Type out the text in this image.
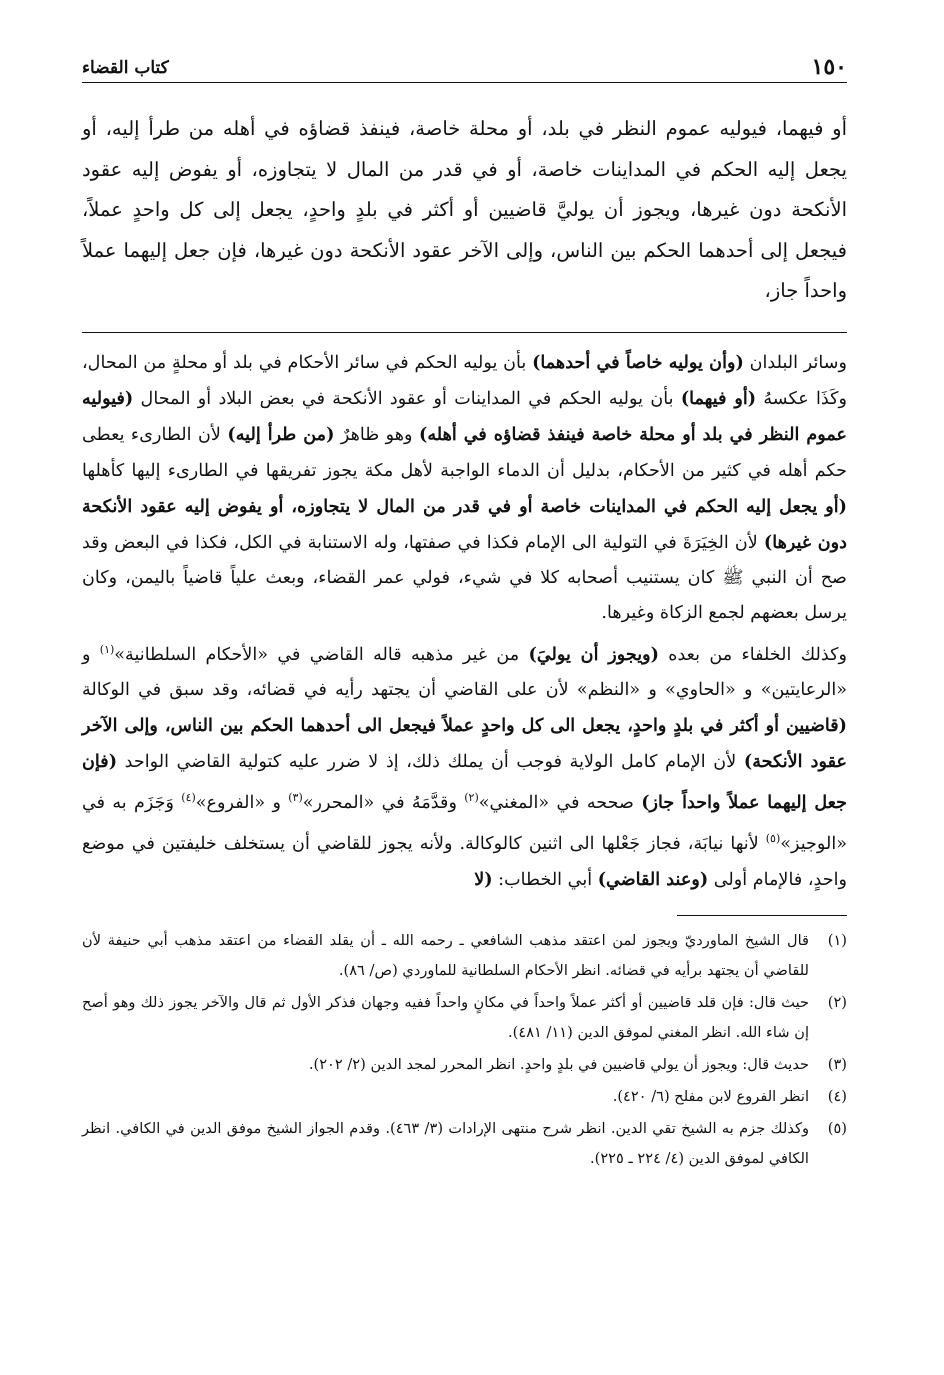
١٥٠
كتاب القضاء
أو فيهما، فيوليه عموم النظر في بلد، أو محلة خاصة، فينفذ قضاؤه في أهله من طرأ إليه، أو يجعل إليه الحكم في المداينات خاصة، أو في قدر من المال لا يتجاوزه، أو يفوض إليه عقود الأنكحة دون غيرها، ويجوز أن يوليَّ قاضيين أو أكثر في بلدٍ واحدٍ، يجعل إلى كل واحدٍ عملاً، فيجعل إلى أحدهما الحكم بين الناس، وإلى الآخر عقود الأنكحة دون غيرها، فإن جعل إليهما عملاً واحداً جاز،
وسائر البلدان (وأن يوليه خاصاً في أحدهما) بأن يوليه الحكم في سائر الأحكام في بلد أو محلةٍ من المحال، وكَذَا عكسهُ (أو فيهما) بأن يوليه الحكم في المداينات أو عقود الأنكحة في بعض البلاد أو المحال (فيوليه عموم النظر في بلد أو محلة خاصة فينفذ قضاؤه في أهله) وهو ظاهرٌ (من طرأ إليه) لأن الطارىء يعطى حكم أهله في كثير من الأحكام، بدليل أن الدماء الواجبة لأهل مكة يجوز تفريقها في الطارىء إليها كأهلها (أو يجعل إليه الحكم في المداينات خاصة أو في قدر من المال لا يتجاوزه، أو يفوض إليه عقود الأنكحة دون غيرها) لأن الخِيَرَةَ في التولية الى الإمام فكذا في صفتها، وله الاستنابة في الكل، فكذا في البعض وقد صح أن النبي ﷺ كان يستنيب أصحابه كلا في شيء، فولي عمر القضاء، وبعث علياً قاضياً باليمن، وكان يرسل بعضهم لجمع الزكاة وغيرها.
وكذلك الخلفاء من بعده (ويجوز أن يوليَ) من غير مذهبه قاله القاضي في «الأحكام السلطانية»$^{(١)}$ و «الرعايتين» و «الحاوي» و «النظم» لأن على القاضي أن يجتهد رأيه في قضائه، وقد سبق في الوكالة (قاضيين أو أكثر في بلدٍ واحدٍ، يجعل الى كل واحدٍ عملاً فيجعل الى أحدهما الحكم بين الناس، وإلى الآخر عقود الأنكحة) لأن الإمام كامل الولاية فوجب أن يملك ذلك، إذ لا ضرر عليه كتولية القاضي الواحد (فإن جعل إليهما عملاً واحداً جاز) صححه في «المغني»$^{(٢)}$ وقدَّمَهُ في «المحرر»$^{(٣)}$ و «الفروع»$^{(٤)}$ وَجَزَم به في «الوجيز»$^{(٥)}$ لأنها نيابَة، فجاز جَعْلها الى اثنين كالوكالة. ولأنه يجوز للقاضي أن يستخلف خليفتين في موضع واحدٍ، فالإمام أولى (وعند القاضي) أبي الخطاب: (لا
(١)
قال الشيخ الماورديّ ويجوز لمن اعتقد مذهب الشافعي ـ رحمه الله ـ أن يقلد القضاء من اعتقد مذهب أبي حنيفة لأن للقاضي أن يجتهد برأيه في قضائه. انظر الأحكام السلطانية للماوردي (ص/ ٨٦).
(٢)
حيث قال: فإن قلد قاضيين أو أكثر عملاً واحداً في مكانٍ واحداً ففيه وجهان فذكر الأول ثم قال والآخر يجوز ذلك وهو أصح إن شاء الله. انظر المغني لموفق الدين (١١/ ٤٨١).
(٣)
حديث قال: ويجوز أن يولي قاضيين في بلدٍ واحدٍ. انظر المحرر لمجد الدين (٢/ ٢٠٢).
(٤)
انظر الفروع لابن مفلح (٦/ ٤٢٠).
(٥)
وكذلك جزم به الشيخ تقي الدين. انظر شرح منتهى الإرادات (٣/ ٤٦٣). وقدم الجواز الشيخ موفق الدين في الكافي. انظر الكافي لموفق الدين (٤/ ٢٢٤ ـ ٢٢٥).
